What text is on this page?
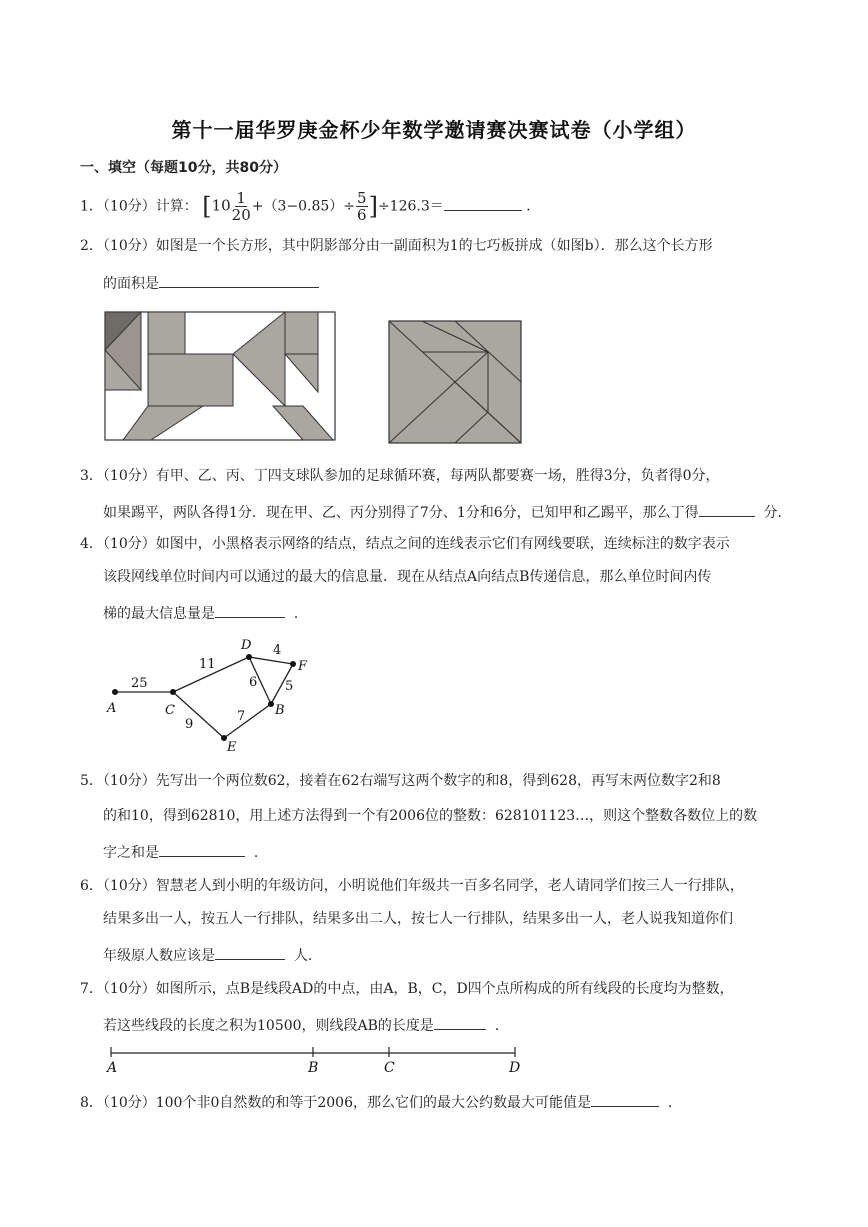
第十一届华罗庚金杯少年数学邀请赛决赛试卷（小学组）
一、填空（每题10分，共80分）
1．（10分）计算： $[10 \frac{1}{20} +(3-0.85)\div \frac{5}{6} ]\div 126.3=$	．
2．（10分）如图是一个长方形，其中阴影部分由一副面积为1的七巧板拼成（如图b）．那么这个长方形
的面积是
3．（10分）有甲、乙、丙、丁四支球队参加的足球循环赛，每两队都要赛一场，胜得3分，负者得0分，
如果踢平，两队各得1分．现在甲、乙、丙分别得了7分、1分和6分，已知甲和乙踢平，那么丁得	分．
4．（10分）如图中，小黑格表示网络的结点，结点之间的连线表示它们有网线要联，连续标注的数字表示
该段网线单位时间内可以通过的最大的信息量．现在从结点A向结点B传递信息，那么单位时间内传
梯的最大信息量是	．
A	C
D
F
B
E
25
11
4
6 5
7
9
5．（10分）先写出一个两位数62，接着在62右端写这两个数字的和8，得到628，再写末两位数字2和8
的和10，得到62810，用上述方法得到一个有2006位的整数：628101123…，则这个整数各数位上的数
字之和是	．
6．（10分）智慧老人到小明的年级访问，小明说他们年级共一百多名同学，老人请同学们按三人一行排队，
结果多出一人，按五人一行排队，结果多出二人，按七人一行排队，结果多出一人，老人说我知道你们
年级原人数应该是	人．
7．（10分）如图所示，点B是线段AD的中点，由A，B，C，D四个点所构成的所有线段的长度均为整数，
若这些线段的长度之积为10500，则线段AB的长度是	．
A	B	C	D
8．（10分）100个非0自然数的和等于2006，那么它们的最大公约数最大可能值是	．
